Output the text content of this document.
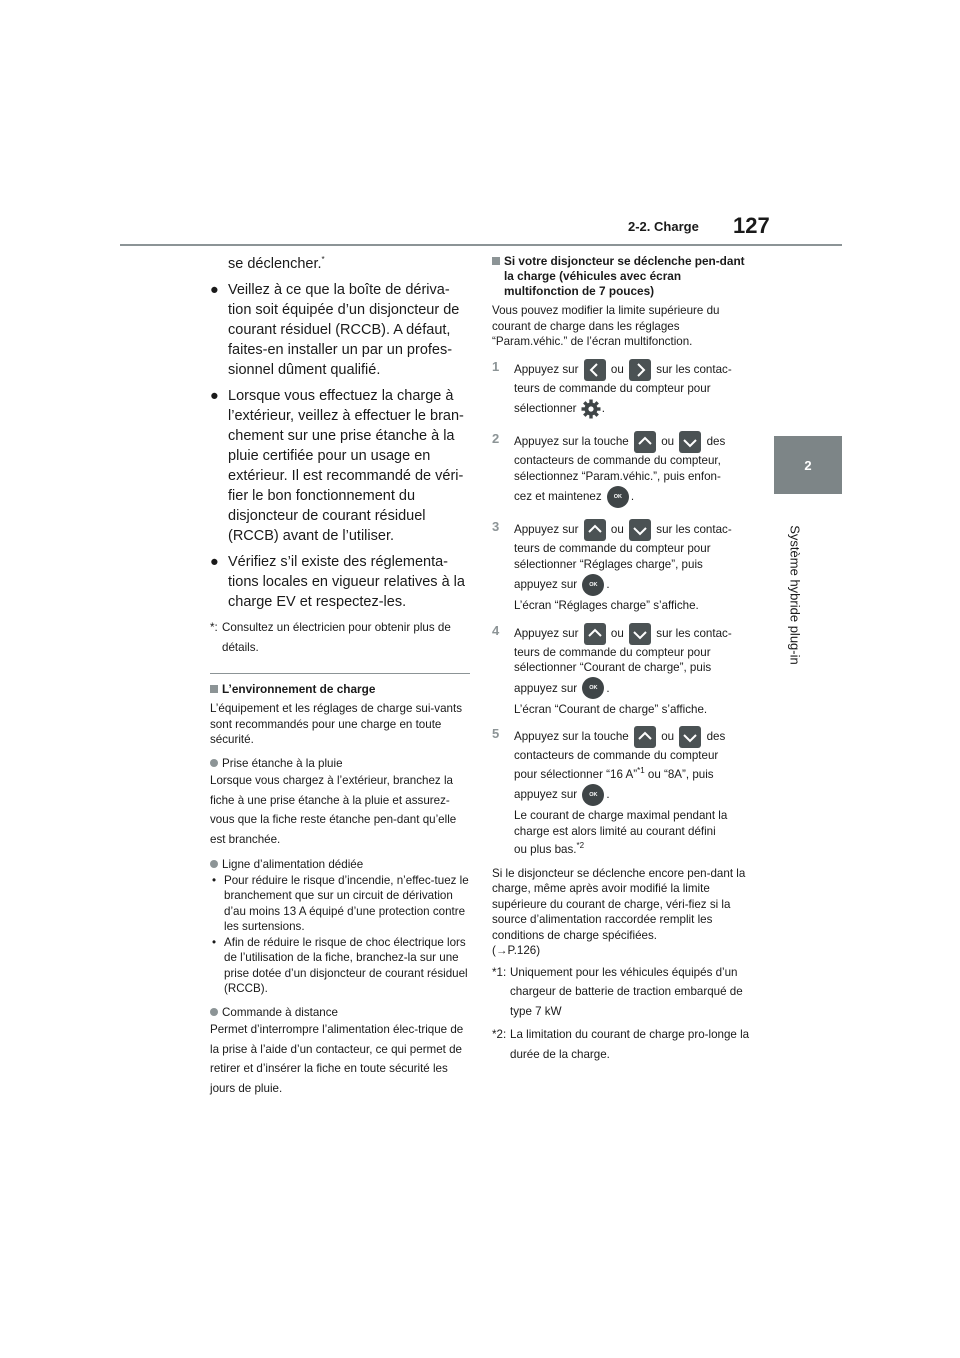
2-2. Charge 127
2
Système hybride plug-in
se déclencher.*
● Veillez à ce que la boîte de dériva-tion soit équipée d’un disjoncteur de courant résiduel (RCCB). A défaut, faites-en installer un par un profes-sionnel dûment qualifié.
● Lorsque vous effectuez la charge à l’extérieur, veillez à effectuer le bran-chement sur une prise étanche à la pluie certifiée pour un usage en extérieur. Il est recommandé de véri-fier le bon fonctionnement du disjoncteur de courant résiduel (RCCB) avant de l’utiliser.
● Vérifiez s’il existe des réglementa-tions locales en vigueur relatives à la charge EV et respectez-les.
*: Consultez un électricien pour obtenir plus de détails.
L’environnement de charge
L’équipement et les réglages de charge sui-vants sont recommandés pour une charge en toute sécurité.
Prise étanche à la pluie
Lorsque vous chargez à l’extérieur, branchez la fiche à une prise étanche à la pluie et assurez-vous que la fiche reste étanche pen-dant qu’elle est branchée.
Ligne d’alimentation dédiée
• Pour réduire le risque d’incendie, n’effec-tuez le branchement que sur un circuit de dérivation d’au moins 13 A équipé d’une protection contre les surtensions.
• Afin de réduire le risque de choc électrique lors de l’utilisation de la fiche, branchez-la sur une prise dotée d’un disjoncteur de courant résiduel (RCCB).
Commande à distance
Permet d’interrompre l’alimentation élec-trique de la prise à l’aide d’un contacteur, ce qui permet de retirer et d’insérer la fiche en toute sécurité les jours de pluie.
Si votre disjoncteur se déclenche pen-dant la charge (véhicules avec écran multifonction de 7 pouces)
Vous pouvez modifier la limite supérieure du courant de charge dans les réglages “Param.véhic.” de l’écran multifonction.
1 Appuyez sur	ou	sur les contac-teurs de commande du compteur pour
sélectionner .
2 Appuyez sur la touche	ou	des contacteurs de commande du compteur, sélectionnez “Param.véhic.”, puis enfon-
cez et maintenez OK .
3 Appuyez sur	ou	sur les contac-teurs de commande du compteur pour sélectionner “Réglages charge”, puis
appuyez sur OK .
L’écran “Réglages charge” s’affiche.
4 Appuyez sur	ou	sur les contac-teurs de commande du compteur pour sélectionner “Courant de charge”, puis
appuyez sur OK .
L’écran “Courant de charge” s’affiche.
5 Appuyez sur la touche	ou	des contacteurs de commande du compteur
pour sélectionner “16 A”$^{*1}$ ou “8A”, puis
appuyez sur OK .
Le courant de charge maximal pendant la charge est alors limité au courant défini
ou plus bas.$^{*2}$
Si le disjoncteur se déclenche encore pen-dant la charge, même après avoir modifié la limite supérieure du courant de charge, véri-fiez si la source d’alimentation raccordée remplit les conditions de charge spécifiées.
(→P.126)
*1: Uniquement pour les véhicules équipés d’un chargeur de batterie de traction embarqué de type 7 kW
*2: La limitation du courant de charge pro-longe la durée de la charge.
